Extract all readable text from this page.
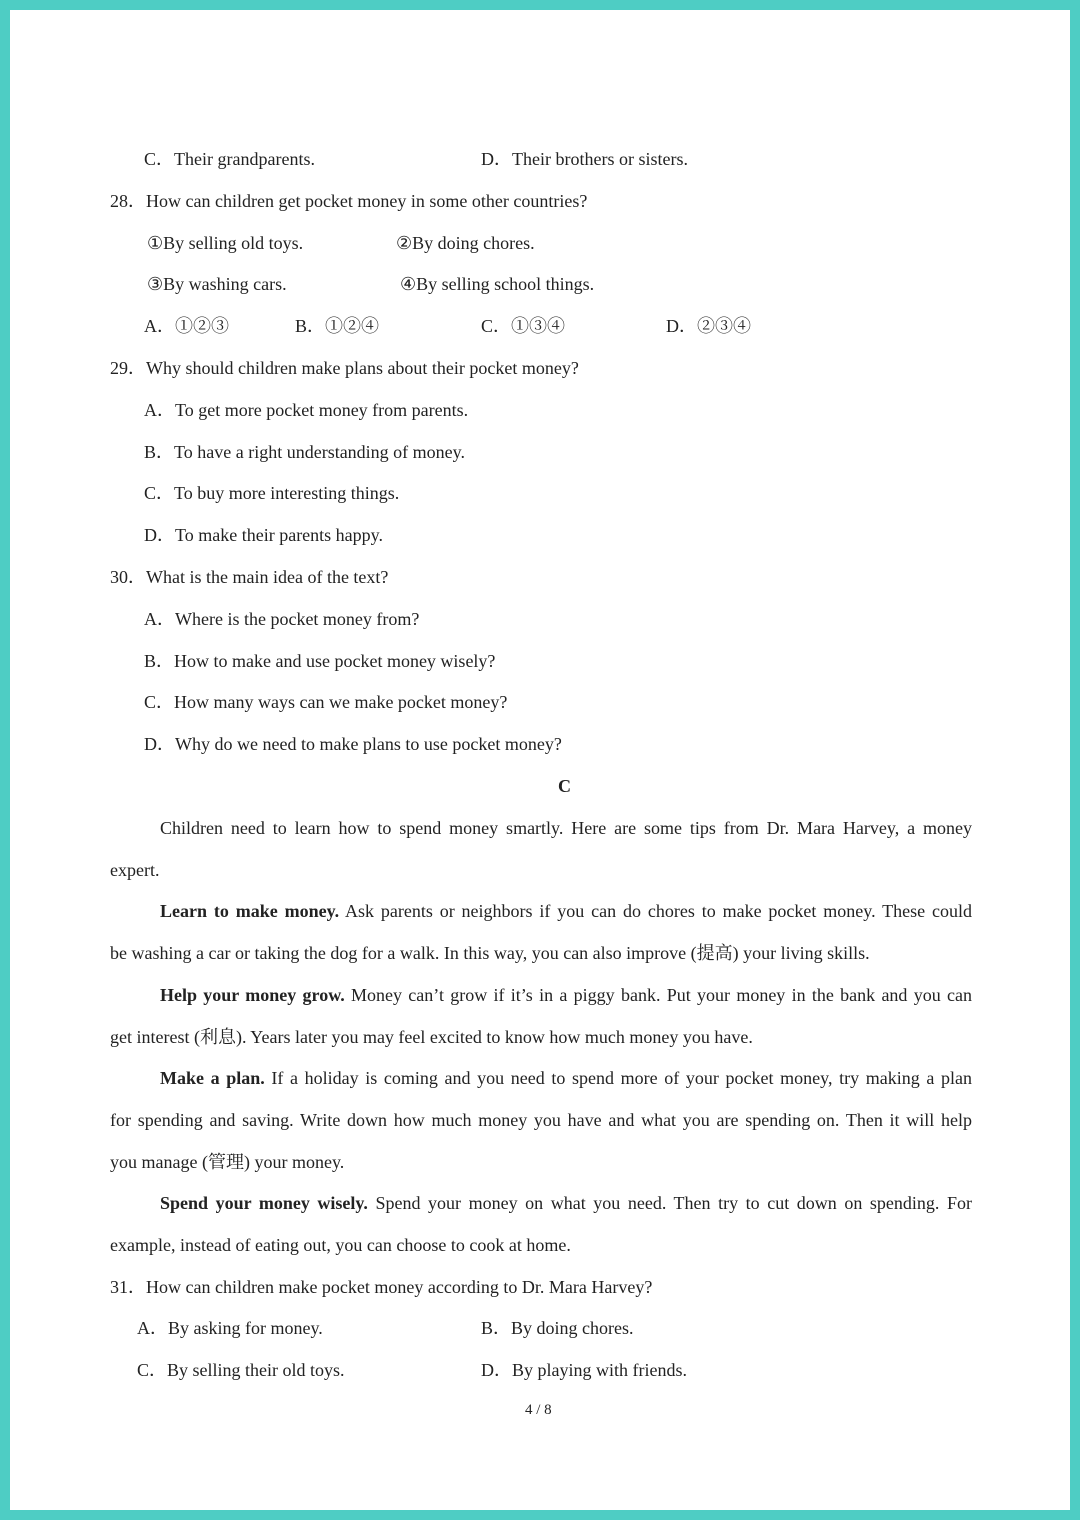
C．Their grandparents.	D．Their brothers or sisters.
28．How can children get pocket money in some other countries?
①By selling old toys.	②By doing chores.
③By washing cars.	④By selling school things.
A．①②③	B．①②④	C．①③④	D．②③④
29．Why should children make plans about their pocket money?
A．To get more pocket money from parents.
B．To have a right understanding of money.
C．To buy more interesting things.
D．To make their parents happy.
30．What is the main idea of the text?
A．Where is the pocket money from?
B．How to make and use pocket money wisely?
C．How many ways can we make pocket money?
D．Why do we need to make plans to use pocket money?
C
Children need to learn how to spend money smartly. Here are some tips from Dr. Mara Harvey, a money
expert.
Learn to make money. Ask parents or neighbors if you can do chores to make pocket money. These could
be washing a car or taking the dog for a walk. In this way, you can also improve (提高) your living skills.
Help your money grow. Money can’t grow if it’s in a piggy bank. Put your money in the bank and you can
get interest (利息). Years later you may feel excited to know how much money you have.
Make a plan. If a holiday is coming and you need to spend more of your pocket money, try making a plan
for spending and saving. Write down how much money you have and what you are spending on. Then it will help
you manage (管理) your money.
Spend your money wisely. Spend your money on what you need. Then try to cut down on spending. For
example, instead of eating out, you can choose to cook at home.
31．How can children make pocket money according to Dr. Mara Harvey?
A．By asking for money.	B．By doing chores.
C．By selling their old toys.	D．By playing with friends.
4 / 8
